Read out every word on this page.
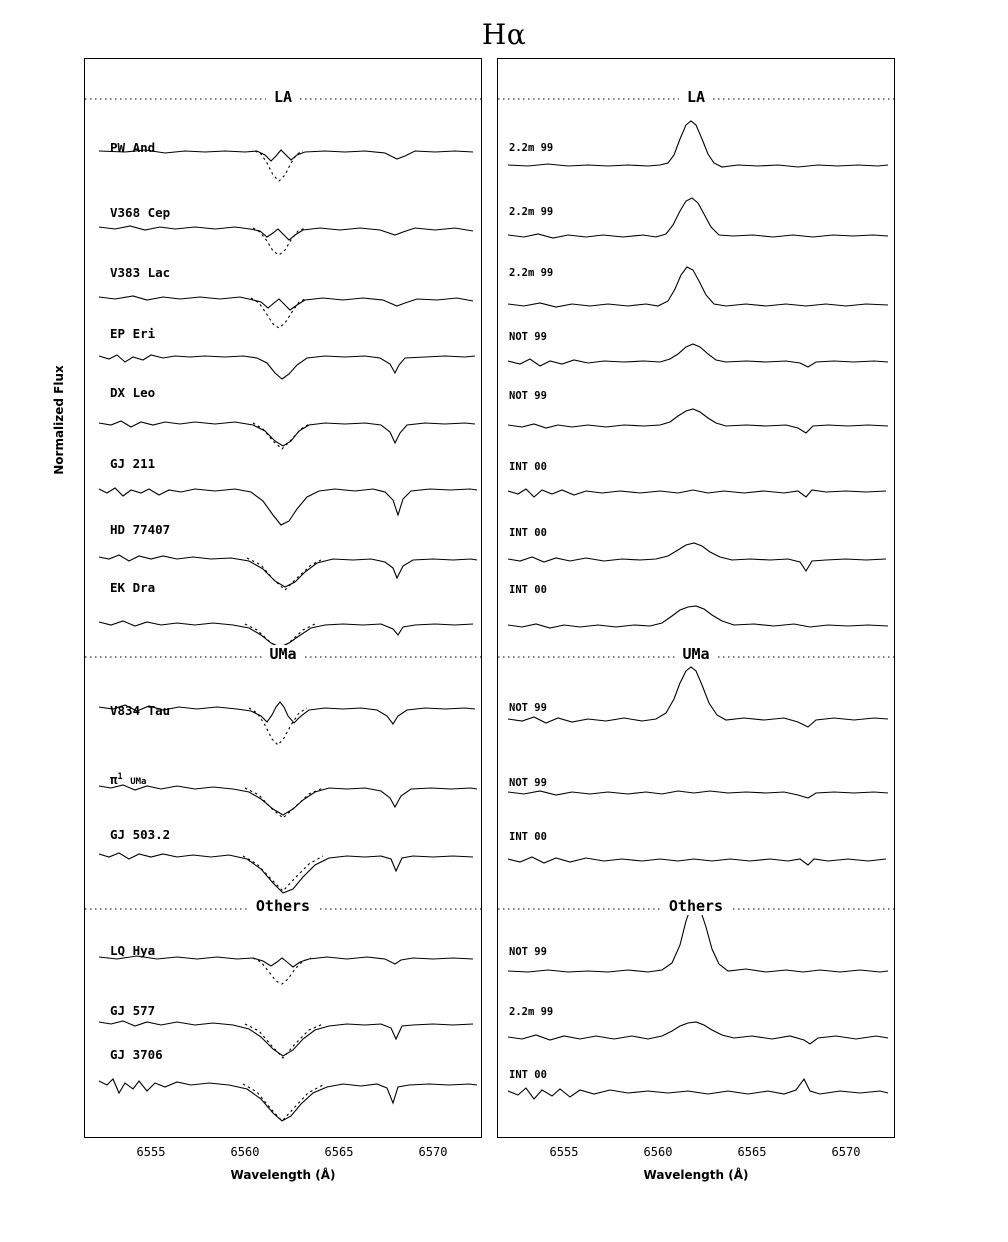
Hα
Normalized Flux
LA
UMa
Others
LA
UMa
Others
PW And
V368 Cep
V383 Lac
EP Eri
DX Leo
GJ 211
HD 77407
EK Dra
V834 Tau
$\pi^1$ UMa
GJ 503.2
LQ Hya
GJ 577
GJ 3706
2.2m 99
2.2m 99
2.2m 99
NOT 99
NOT 99
INT 00
INT 00
INT 00
NOT 99
NOT 99
INT 00
NOT 99
2.2m 99
INT 00
6555	6560	6565	6570	6555	6560	6565	6570
Wavelength (Å)	Wavelength (Å)
